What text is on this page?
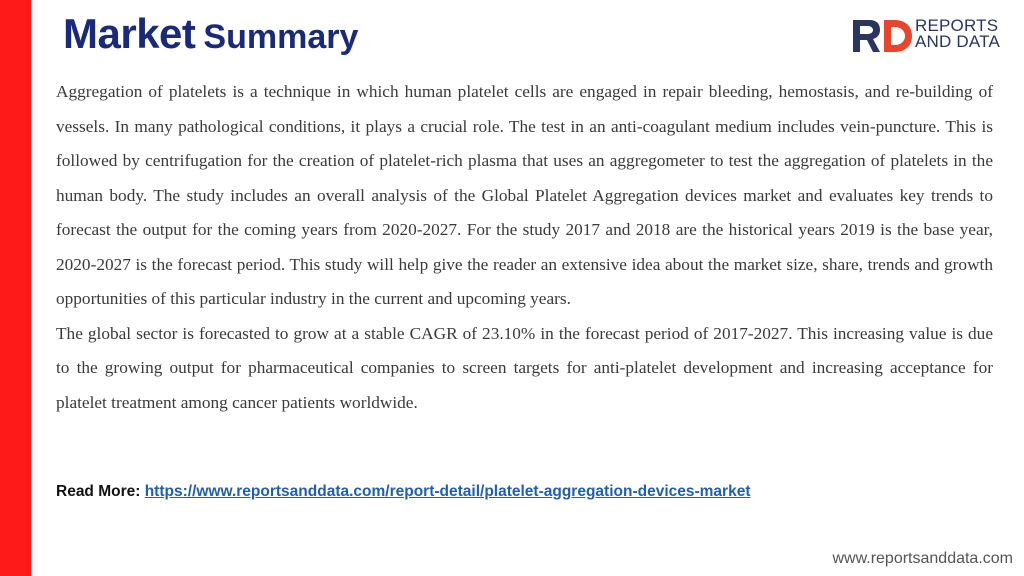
Market Summary	REPORTS
AND DATA

Aggregation of platelets is a technique in which human platelet cells are engaged in repair bleeding, hemostasis, and re-building of vessels. In many pathological conditions, it plays a crucial role. The test in an anti-coagulant medium includes vein-puncture. This is followed by centrifugation for the creation of platelet-rich plasma that uses an aggregometer to test the aggregation of platelets in the human body. The study includes an overall analysis of the Global Platelet Aggregation devices market and evaluates key trends to forecast the output for the coming years from 2020-2027. For the study 2017 and 2018 are the historical years 2019 is the base year, 2020-2027 is the forecast period. This study will help give the reader an extensive idea about the market size, share, trends and growth opportunities of this particular industry in the current and upcoming years.

The global sector is forecasted to grow at a stable CAGR of 23.10% in the forecast period of 2017-2027. This increasing value is due to the growing output for pharmaceutical companies to screen targets for anti-platelet development and increasing acceptance for platelet treatment among cancer patients worldwide.

Read More: https://www.reportsanddata.com/report-detail/platelet-aggregation-devices-market
www.reportsanddata.com
